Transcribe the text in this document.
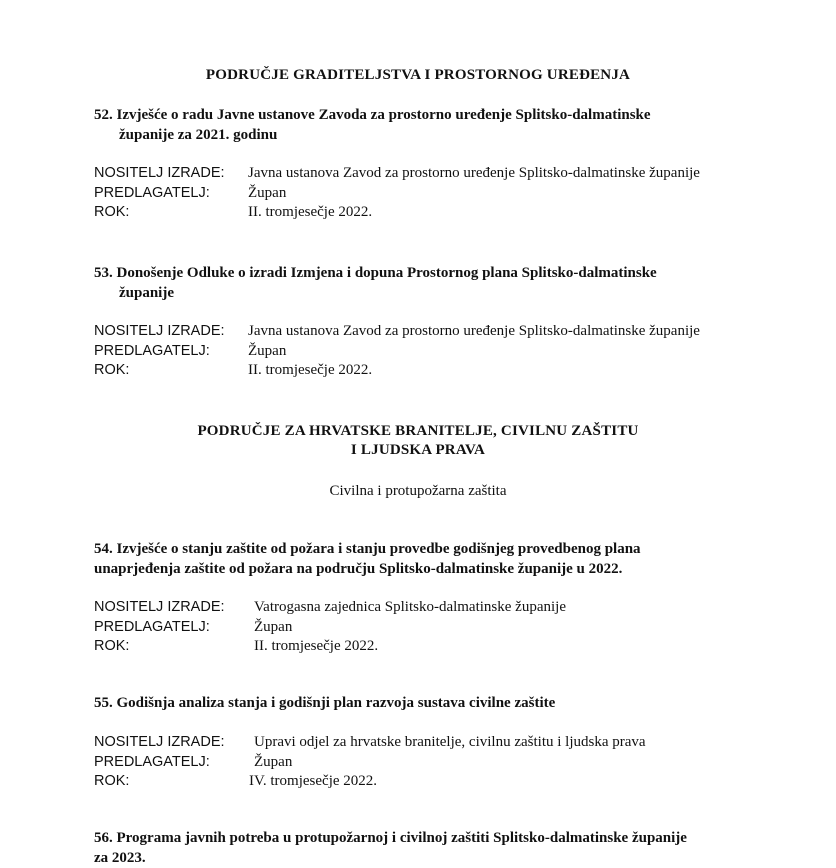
PODRUČJE GRADITELJSTVA I PROSTORNOG UREĐENJA
52. Izvješće o radu Javne ustanove Zavoda za prostorno uređenje Splitsko-dalmatinske
županije za 2021. godinu
NOSITELJ IZRADE:	Javna ustanova Zavod za prostorno uređenje Splitsko-dalmatinske županije
PREDLAGATELJ:	Župan
ROK:	II. tromjesečje 2022.
53. Donošenje Odluke o izradi Izmjena i dopuna Prostornog plana Splitsko-dalmatinske
županije
NOSITELJ IZRADE:	Javna ustanova Zavod za prostorno uređenje Splitsko-dalmatinske županije
PREDLAGATELJ:	Župan
ROK:	II. tromjesečje 2022.
PODRUČJE ZA HRVATSKE BRANITELJE, CIVILNU ZAŠTITU
I LJUDSKA PRAVA
Civilna i protupožarna zaštita
54. Izvješće o stanju zaštite od požara i stanju provedbe godišnjeg provedbenog plana
unaprjeđenja zaštite od požara na području Splitsko-dalmatinske županije u 2022.
NOSITELJ IZRADE:	Vatrogasna zajednica Splitsko-dalmatinske županije
PREDLAGATELJ:	Župan
ROK:	II. tromjesečje 2022.
55. Godišnja analiza stanja i godišnji plan razvoja sustava civilne zaštite
NOSITELJ IZRADE:	Upravi odjel za hrvatske branitelje, civilnu zaštitu i ljudska prava
PREDLAGATELJ:	Župan
ROK:	IV. tromjesečje 2022.
56. Programa javnih potreba u protupožarnoj i civilnoj zaštiti Splitsko-dalmatinske županije
za 2023.
